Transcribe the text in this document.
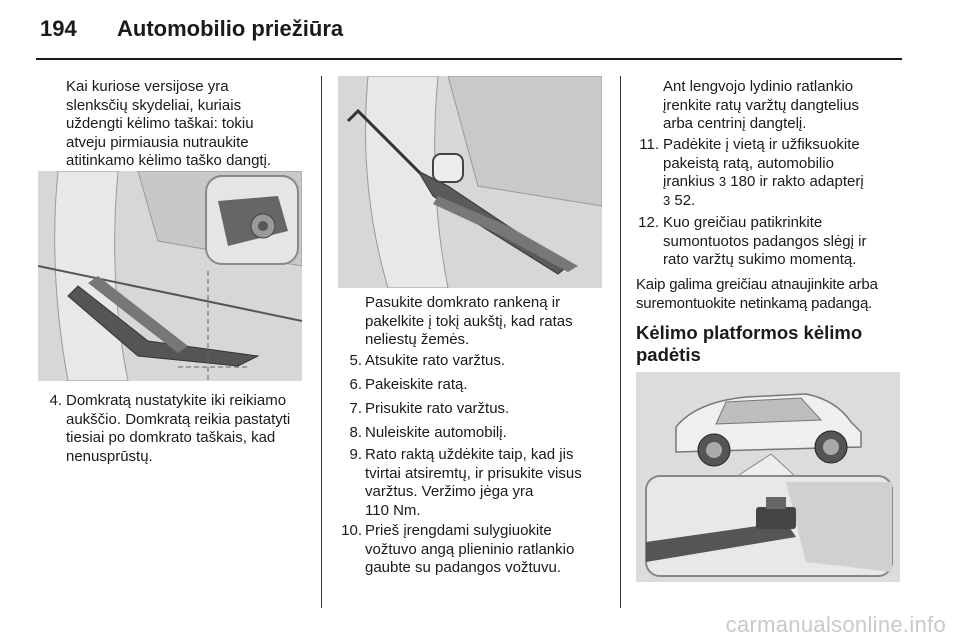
194 Automobilio priežiūra
Kai kuriose versijose yra
slenksčių skydeliai, kuriais
uždengti kėlimo taškai: tokiu
atveju pirmiausia nutraukite
atitinkamo kėlimo taško dangtį.
4. Domkratą nustatykite iki reikiamo
aukščio. Domkratą reikia pastatyti
tiesiai po domkrato taškais, kad
nenusprūstų.
Pasukite domkrato rankeną ir
pakelkite į tokį aukštį, kad ratas
neliestų žemės.
5. Atsukite rato varžtus.
6. Pakeiskite ratą.
7. Prisukite rato varžtus.
8. Nuleiskite automobilį.
9. Rato raktą uždėkite taip, kad jis
tvirtai atsiremtų, ir prisukite visus
varžtus. Veržimo jėga yra
110 Nm.
10. Prieš įrengdami sulygiuokite
vožtuvo angą plieninio ratlankio
gaubte su padangos vožtuvu.
Ant lengvojo lydinio ratlankio
įrenkite ratų varžtų dangtelius
arba centrinį dangtelį.
11. Padėkite į vietą ir užfiksuokite
pakeistą ratą, automobilio
įrankius 3 180 ir rakto adapterį
3 52.
12. Kuo greičiau patikrinkite
sumontuotos padangos slėgį ir
rato varžtų sukimo momentą.
Kaip galima greičiau atnaujinkite arba
suremontuokite netinkamą padangą.
Kėlimo platformos kėlimo
padėtis
carmanualsonline.info
